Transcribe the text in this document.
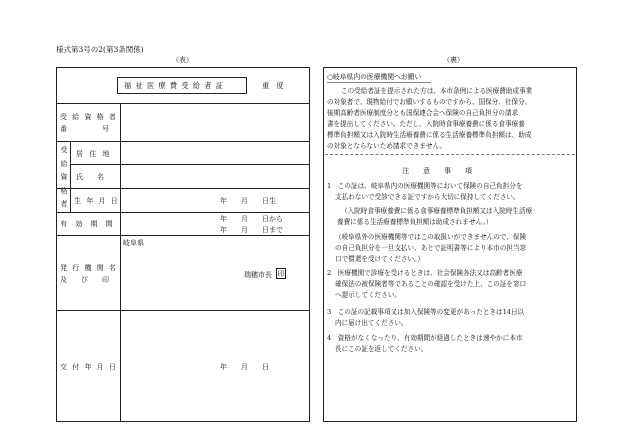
様式第3号の2(第3条関係)
（表）	（裏）
福 祉 医 療 費 受 給 者 証	重　度
受 給 資 格 者
番　　　　　号
受
給
資
格
者
居 住 地
氏　　名
生 年 月 日	年　　月　　日生
有 効 期 間
年　　月　　日から
年　　月　　日まで
発 行 機 関 名
及　　び　　印
岐阜県
瑞穂市長 印
交 付 年 月 日	年　　月　　日
○岐阜県内の医療機関へお願い
この受給者証を提示された方は、本市条例による医療費助成事業
の対象者で、現物給付でお願いするものですから、国保分、社保分、
後期高齢者医療制度分とも国保連合会へ保険の自己負担分の請求
書を提出してください。ただし、入院時食事療養費に係る食事療養
標準負担額又は入院時生活療養費に係る生活療養標準負担額は、助成
の対象とならないため請求できません。
注　　意　　事　　項
1　この証は、岐阜県内の医療機関等において保険の自己負担分を
支払わないで受診できる証ですから大切に保持してください。
（入院時食事療養費に係る食事療養標準負担額又は入院時生活療
養費に係る生活療養標準負担額は助成されません。）
（岐阜県外の医療機関等ではこの取扱いができませんので、保険
の自己負担分を一旦支払い、あとで証明書等により本市の担当窓
口で償還を受けてください。）
2　医療機関で診療を受けるときは、社会保険各法又は高齢者医療
確保法の被保険者等であることの確認を受けた上、この証を窓口
へ提示してください。
3　この証の記載事項又は加入保険等の変更があったときは14日以
内に届け出てください。
4　資格がなくなったり、有効期間が経過したときは速やかに本市
長にこの証を返してください。
